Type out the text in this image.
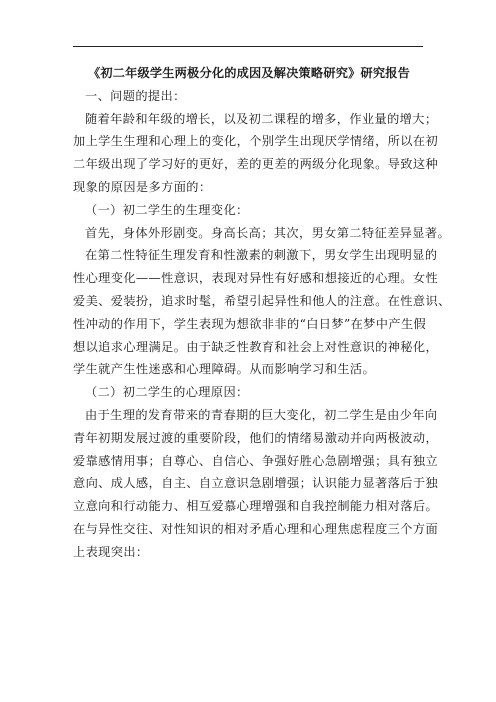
《初二年级学生两极分化的成因及解决策略研究》研究报告

一、问题的提出：

随着年龄和年级的增长，以及初二课程的增多，作业量的增大；

加上学生生理和心理上的变化，个别学生出现厌学情绪，所以在初

二年级出现了学习好的更好，差的更差的两级分化现象。导致这种

现象的原因是多方面的：

（一）初二学生的生理变化：

首先，身体外形剧变。身高长高；其次，男女第二特征差异显著。

在第二性特征生理发育和性激素的刺激下，男女学生出现明显的

性心理变化——性意识，表现对异性有好感和想接近的心理。女性

爱美、爱装扮，追求时髦，希望引起异性和他人的注意。在性意识、

性冲动的作用下，学生表现为想欲非非的“白日梦”在梦中产生假

想以追求心理满足。由于缺乏性教育和社会上对性意识的神秘化，

学生就产生性迷惑和心理障碍。从而影响学习和生活。

（二）初二学生的心理原因：

由于生理的发育带来的青春期的巨大变化，初二学生是由少年向

青年初期发展过渡的重要阶段，他们的情绪易激动并向两极波动，

爱靠感情用事；自尊心、自信心、争强好胜心急剧增强；具有独立

意向、成人感，自主、自立意识急剧增强；认识能力显著落后于独

立意向和行动能力、相互爱慕心理增强和自我控制能力相对落后。

在与异性交往、对性知识的相对矛盾心理和心理焦虑程度三个方面

上表现突出：
